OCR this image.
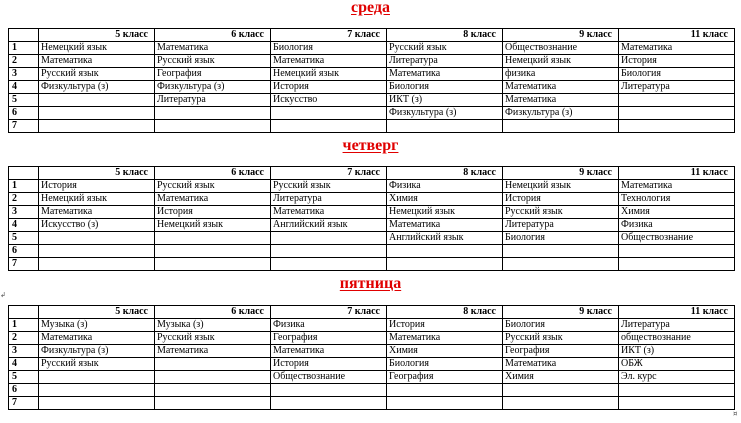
среда
	5 класс	6 класс	7 класс	8 класс	9 класс	11 класс
1	Немецкий язык	Математика	Биология	Русский язык	Обществознание	Математика
2	Математика	Русский язык	Математика	Литература	Немецкий язык	История
3	Русский язык	География	Немецкий язык	Математика	физика	Биология
4	Физкультура (з)	Физкультура (з)	История	Биология	Математика	Литература
5		Литература	Искусство	ИКТ (з)	Математика	
6				Физкультура (з)	Физкультура (з)	
7						
четверг
	5 класс	6 класс	7 класс	8 класс	9 класс	11 класс
1	История	Русский язык	Русский язык	Физика	Немецкий язык	Математика
2	Немецкий язык	Математика	Литература	Химия	История	Технология
3	Математика	История	Математика	Немецкий язык	Русский язык	Химия
4	Искусство (з)	Немецкий язык	Английский язык	Математика	Литература	Физика
5				Английский язык	Биология	Обществознание
6						
7						
пятница
↲
	5 класс	6 класс	7 класс	8 класс	9 класс	11 класс
1	Музыка (з)	Музыка (з)	Физика	История	Биология	Литература
2	Математика	Русский язык	География	Математика	Русский язык	обществознание
3	Физкультура (з)	Математика	Математика	Химия	География	ИКТ (з)
4	Русский язык		История	Биология	Математика	ОБЖ
5			Обществознание	География	Химия	Эл. курс
6						
7						
¤
